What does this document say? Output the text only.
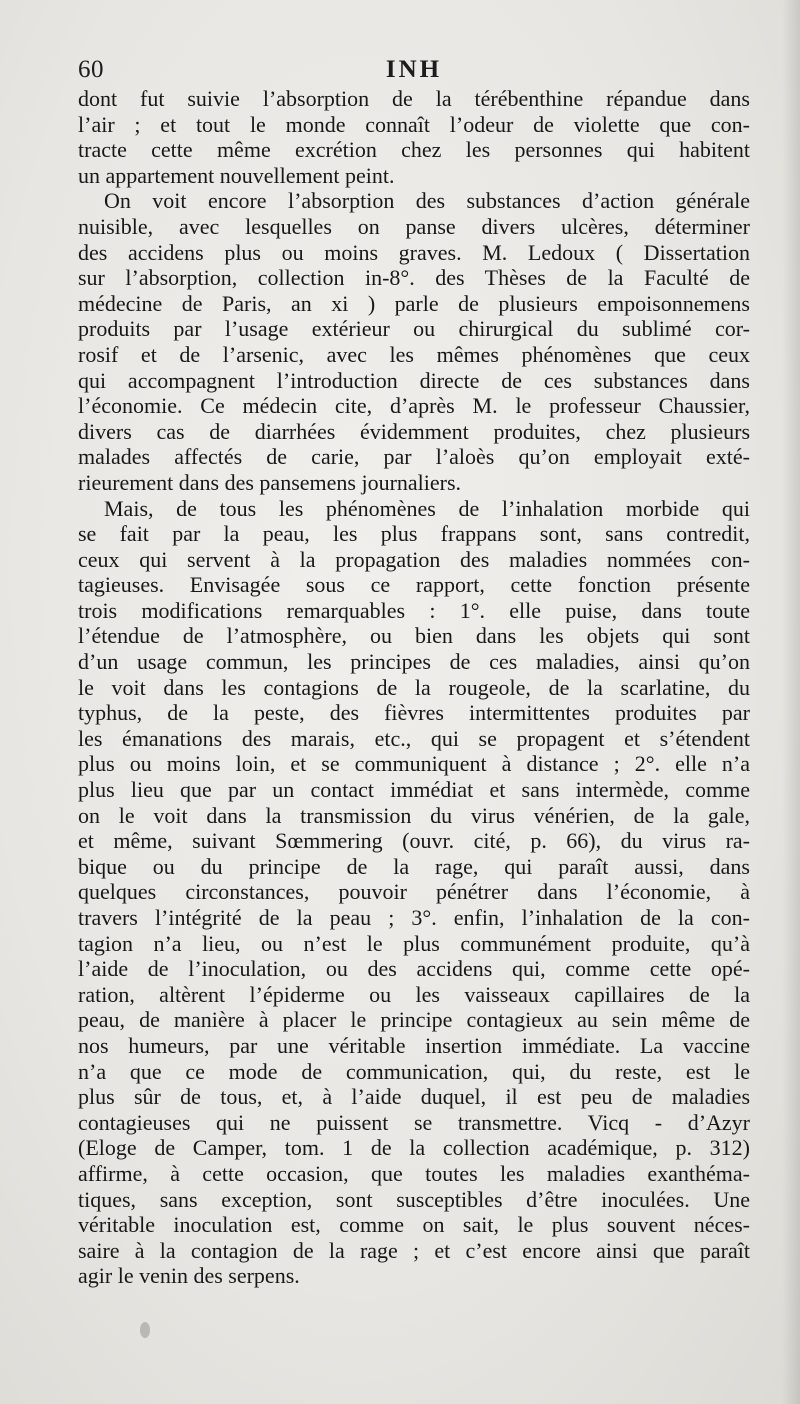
60	INH
dont fut suivie l’absorption de la térébenthine répandue dans
l’air ; et tout le monde connaît l’odeur de violette que con-
tracte cette même excrétion chez les personnes qui habitent
un appartement nouvellement peint.
On voit encore l’absorption des substances d’action générale
nuisible, avec lesquelles on panse divers ulcères, déterminer
des accidens plus ou moins graves. M. Ledoux ( Dissertation
sur l’absorption, collection in-8°. des Thèses de la Faculté de
médecine de Paris, an xi ) parle de plusieurs empoisonnemens
produits par l’usage extérieur ou chirurgical du sublimé cor-
rosif et de l’arsenic, avec les mêmes phénomènes que ceux
qui accompagnent l’introduction directe de ces substances dans
l’économie. Ce médecin cite, d’après M. le professeur Chaussier,
divers cas de diarrhées évidemment produites, chez plusieurs
malades affectés de carie, par l’aloès qu’on employait exté-
rieurement dans des pansemens journaliers.
Mais, de tous les phénomènes de l’inhalation morbide qui
se fait par la peau, les plus frappans sont, sans contredit,
ceux qui servent à la propagation des maladies nommées con-
tagieuses. Envisagée sous ce rapport, cette fonction présente
trois modifications remarquables : 1°. elle puise, dans toute
l’étendue de l’atmosphère, ou bien dans les objets qui sont
d’un usage commun, les principes de ces maladies, ainsi qu’on
le voit dans les contagions de la rougeole, de la scarlatine, du
typhus, de la peste, des fièvres intermittentes produites par
les émanations des marais, etc., qui se propagent et s’étendent
plus ou moins loin, et se communiquent à distance ; 2°. elle n’a
plus lieu que par un contact immédiat et sans intermède, comme
on le voit dans la transmission du virus vénérien, de la gale,
et même, suivant Sœmmering (ouvr. cité, p. 66), du virus ra-
bique ou du principe de la rage, qui paraît aussi, dans
quelques circonstances, pouvoir pénétrer dans l’économie, à
travers l’intégrité de la peau ; 3°. enfin, l’inhalation de la con-
tagion n’a lieu, ou n’est le plus communément produite, qu’à
l’aide de l’inoculation, ou des accidens qui, comme cette opé-
ration, altèrent l’épiderme ou les vaisseaux capillaires de la
peau, de manière à placer le principe contagieux au sein même de
nos humeurs, par une véritable insertion immédiate. La vaccine
n’a que ce mode de communication, qui, du reste, est le
plus sûr de tous, et, à l’aide duquel, il est peu de maladies
contagieuses qui ne puissent se transmettre. Vicq - d’Azyr
(Eloge de Camper, tom. 1 de la collection académique, p. 312)
affirme, à cette occasion, que toutes les maladies exanthéma-
tiques, sans exception, sont susceptibles d’être inoculées. Une
véritable inoculation est, comme on sait, le plus souvent néces-
saire à la contagion de la rage ; et c’est encore ainsi que paraît
agir le venin des serpens.
